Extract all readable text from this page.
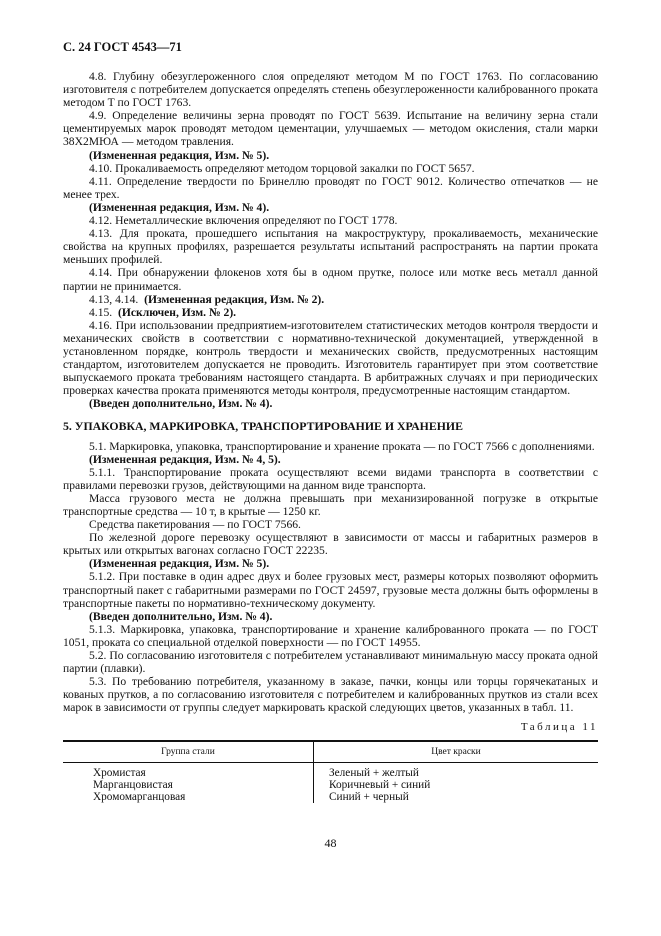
С. 24 ГОСТ 4543—71

4.8. Глубину обезуглероженного слоя определяют методом М по ГОСТ 1763. По согласованию изготовителя с потребителем допускается определять степень обезуглероженности калиброванного проката методом Т по ГОСТ 1763.

4.9. Определение величины зерна проводят по ГОСТ 5639. Испытание на величину зерна стали цементируемых марок проводят методом цементации, улучшаемых — методом окисления, стали марки 38Х2МЮА — методом травления.

(Измененная редакция, Изм. № 5).

4.10. Прокаливаемость определяют методом торцовой закалки по ГОСТ 5657.

4.11. Определение твердости по Бринеллю проводят по ГОСТ 9012. Количество отпечатков — не менее трех.

(Измененная редакция, Изм. № 4).

4.12. Неметаллические включения определяют по ГОСТ 1778.

4.13. Для проката, прошедшего испытания на макроструктуру, прокаливаемость, механические свойства на крупных профилях, разрешается результаты испытаний распространять на партии проката меньших профилей.

4.14. При обнаружении флокенов хотя бы в одном прутке, полосе или мотке весь металл данной партии не принимается.

4.13, 4.14. (Измененная редакция, Изм. № 2).

4.15. (Исключен, Изм. № 2).

4.16. При использовании предприятием-изготовителем статистических методов контроля твердости и механических свойств в соответствии с нормативно-технической документацией, утвержденной в установленном порядке, контроль твердости и механических свойств, предусмотренных настоящим стандартом, изготовителем допускается не проводить. Изготовитель гарантирует при этом соответствие выпускаемого проката требованиям настоящего стандарта. В арбитражных случаях и при периодических проверках качества проката применяются методы контроля, предусмотренные настоящим стандартом.

(Введен дополнительно, Изм. № 4).

5. УПАКОВКА, МАРКИРОВКА, ТРАНСПОРТИРОВАНИЕ И ХРАНЕНИЕ

5.1. Маркировка, упаковка, транспортирование и хранение проката — по ГОСТ 7566 с дополнениями.

(Измененная редакция, Изм. № 4, 5).

5.1.1. Транспортирование проката осуществляют всеми видами транспорта в соответствии с правилами перевозки грузов, действующими на данном виде транспорта.

Масса грузового места не должна превышать при механизированной погрузке в открытые транспортные средства — 10 т, в крытые — 1250 кг.

Средства пакетирования — по ГОСТ 7566.

По железной дороге перевозку осуществляют в зависимости от массы и габаритных размеров в крытых или открытых вагонах согласно ГОСТ 22235.

(Измененная редакция, Изм. № 5).

5.1.2. При поставке в один адрес двух и более грузовых мест, размеры которых позволяют оформить транспортный пакет с габаритными размерами по ГОСТ 24597, грузовые места должны быть оформлены в транспортные пакеты по нормативно-техническому документу.

(Введен дополнительно, Изм. № 4).

5.1.3. Маркировка, упаковка, транспортирование и хранение калиброванного проката — по ГОСТ 1051, проката со специальной отделкой поверхности — по ГОСТ 14955.

5.2. По согласованию изготовителя с потребителем устанавливают минимальную массу проката одной партии (плавки).

5.3. По требованию потребителя, указанному в заказе, пачки, концы или торцы горячекатаных и кованых прутков, а по согласованию изготовителя с потребителем и калиброванных прутков из стали всех марок в зависимости от группы следует маркировать краской следующих цветов, указанных в табл. 11.

Таблица 11

Группа стали	Цвет краски
Хромистая	Зеленый + желтый
Марганцовистая	Коричневый + синий
Хромомарганцовая	Синий + черный
48
